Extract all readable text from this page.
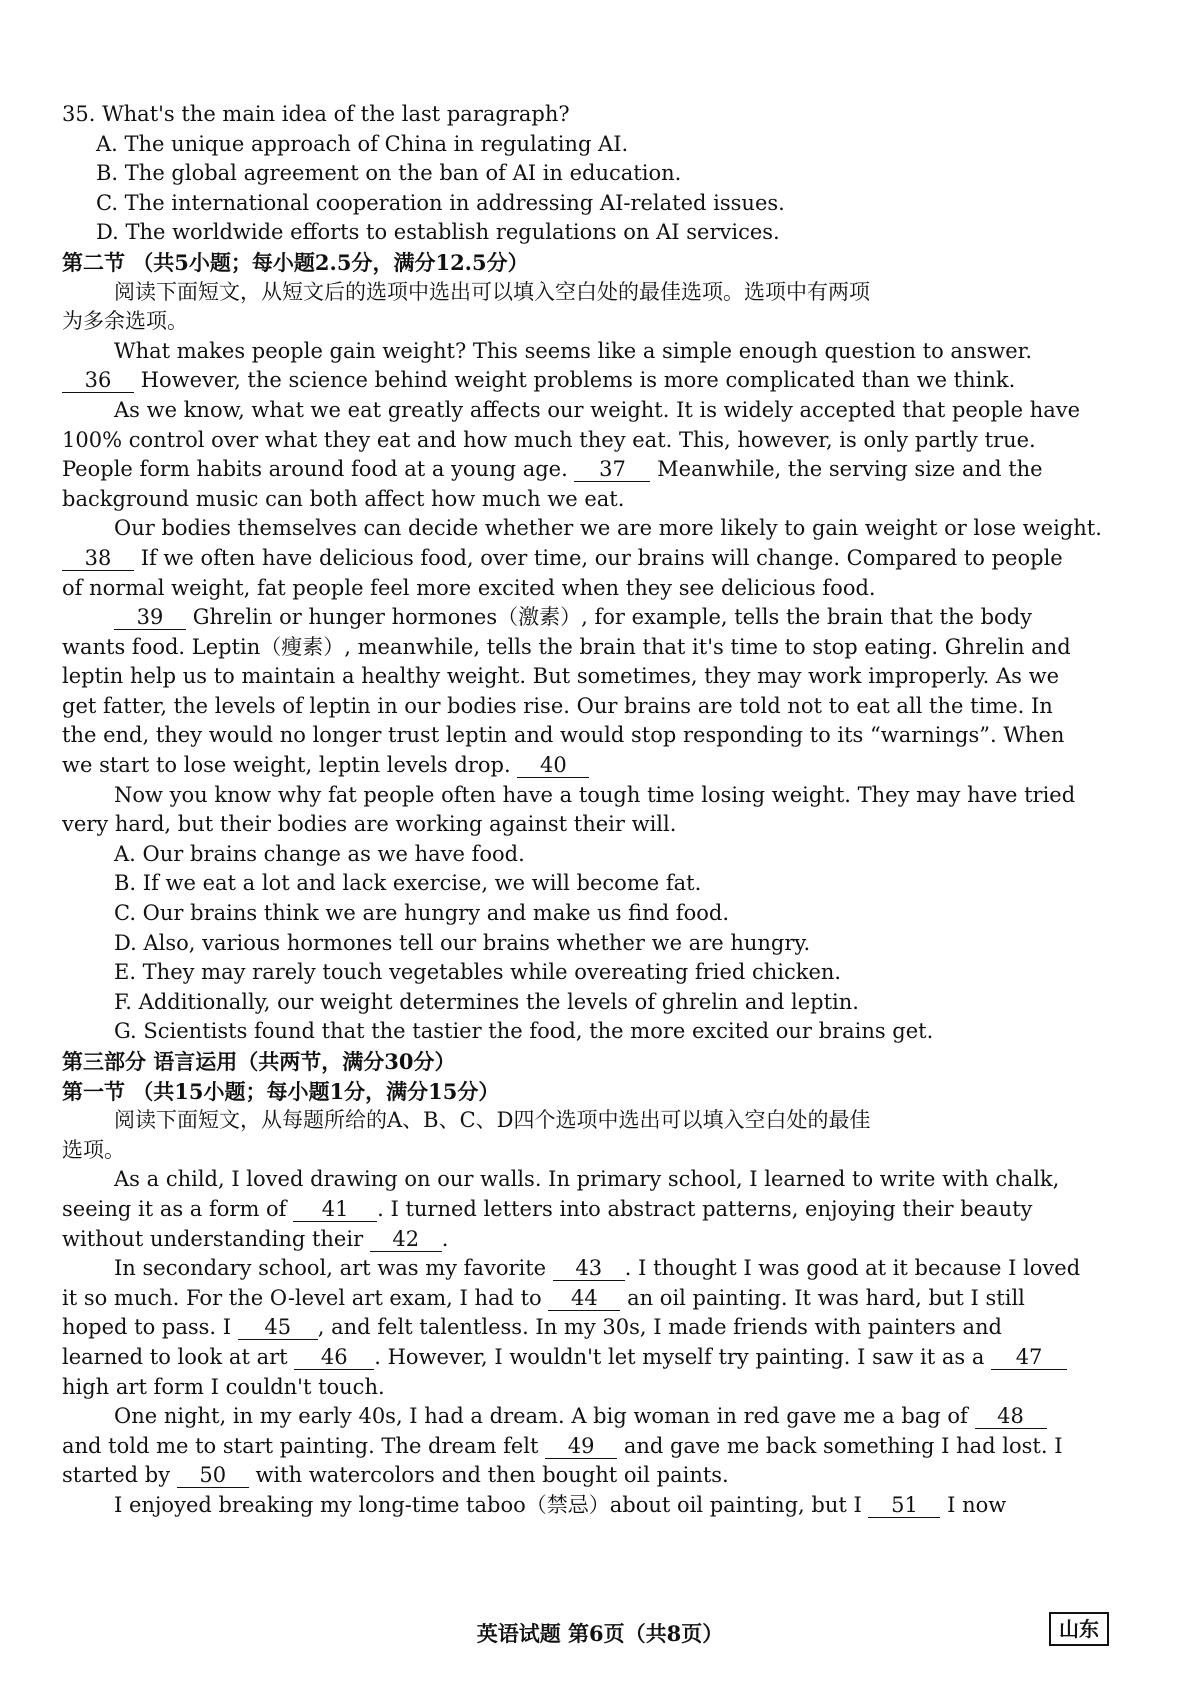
35. What's the main idea of the last paragraph?
A. The unique approach of China in regulating AI.
B. The global agreement on the ban of AI in education.
C. The international cooperation in addressing AI-related issues.
D. The worldwide efforts to establish regulations on AI services.
第二节 （共5小题；每小题2.5分，满分12.5分）
阅读下面短文，从短文后的选项中选出可以填入空白处的最佳选项。选项中有两项
为多余选项。
What makes people gain weight? This seems like a simple enough question to answer.
36 However, the science behind weight problems is more complicated than we think.
As we know, what we eat greatly affects our weight. It is widely accepted that people have
100% control over what they eat and how much they eat. This, however, is only partly true.
People form habits around food at a young age. 37 Meanwhile, the serving size and the
background music can both affect how much we eat.
Our bodies themselves can decide whether we are more likely to gain weight or lose weight.
38 If we often have delicious food, over time, our brains will change. Compared to people
of normal weight, fat people feel more excited when they see delicious food.
39 Ghrelin or hunger hormones（激素）, for example, tells the brain that the body
wants food. Leptin（瘦素）, meanwhile, tells the brain that it's time to stop eating. Ghrelin and
leptin help us to maintain a healthy weight. But sometimes, they may work improperly. As we
get fatter, the levels of leptin in our bodies rise. Our brains are told not to eat all the time. In
the end, they would no longer trust leptin and would stop responding to its “warnings”. When
we start to lose weight, leptin levels drop. 40
Now you know why fat people often have a tough time losing weight. They may have tried
very hard, but their bodies are working against their will.
A. Our brains change as we have food.
B. If we eat a lot and lack exercise, we will become fat.
C. Our brains think we are hungry and make us find food.
D. Also, various hormones tell our brains whether we are hungry.
E. They may rarely touch vegetables while overeating fried chicken.
F. Additionally, our weight determines the levels of ghrelin and leptin.
G. Scientists found that the tastier the food, the more excited our brains get.
第三部分 语言运用（共两节，满分30分）
第一节 （共15小题；每小题1分，满分15分）
阅读下面短文，从每题所给的A、B、C、D四个选项中选出可以填入空白处的最佳
选项。
As a child, I loved drawing on our walls. In primary school, I learned to write with chalk,
seeing it as a form of 41 . I turned letters into abstract patterns, enjoying their beauty
without understanding their 42 .
In secondary school, art was my favorite 43 . I thought I was good at it because I loved
it so much. For the O-level art exam, I had to 44 an oil painting. It was hard, but I still
hoped to pass. I 45 , and felt talentless. In my 30s, I made friends with painters and
learned to look at art 46 . However, I wouldn't let myself try painting. I saw it as a 47
high art form I couldn't touch.
One night, in my early 40s, I had a dream. A big woman in red gave me a bag of 48
and told me to start painting. The dream felt 49 and gave me back something I had lost. I
started by 50 with watercolors and then bought oil paints.
I enjoyed breaking my long-time taboo（禁忌）about oil painting, but I 51 I now
英语试题 第6页（共8页）	山东
